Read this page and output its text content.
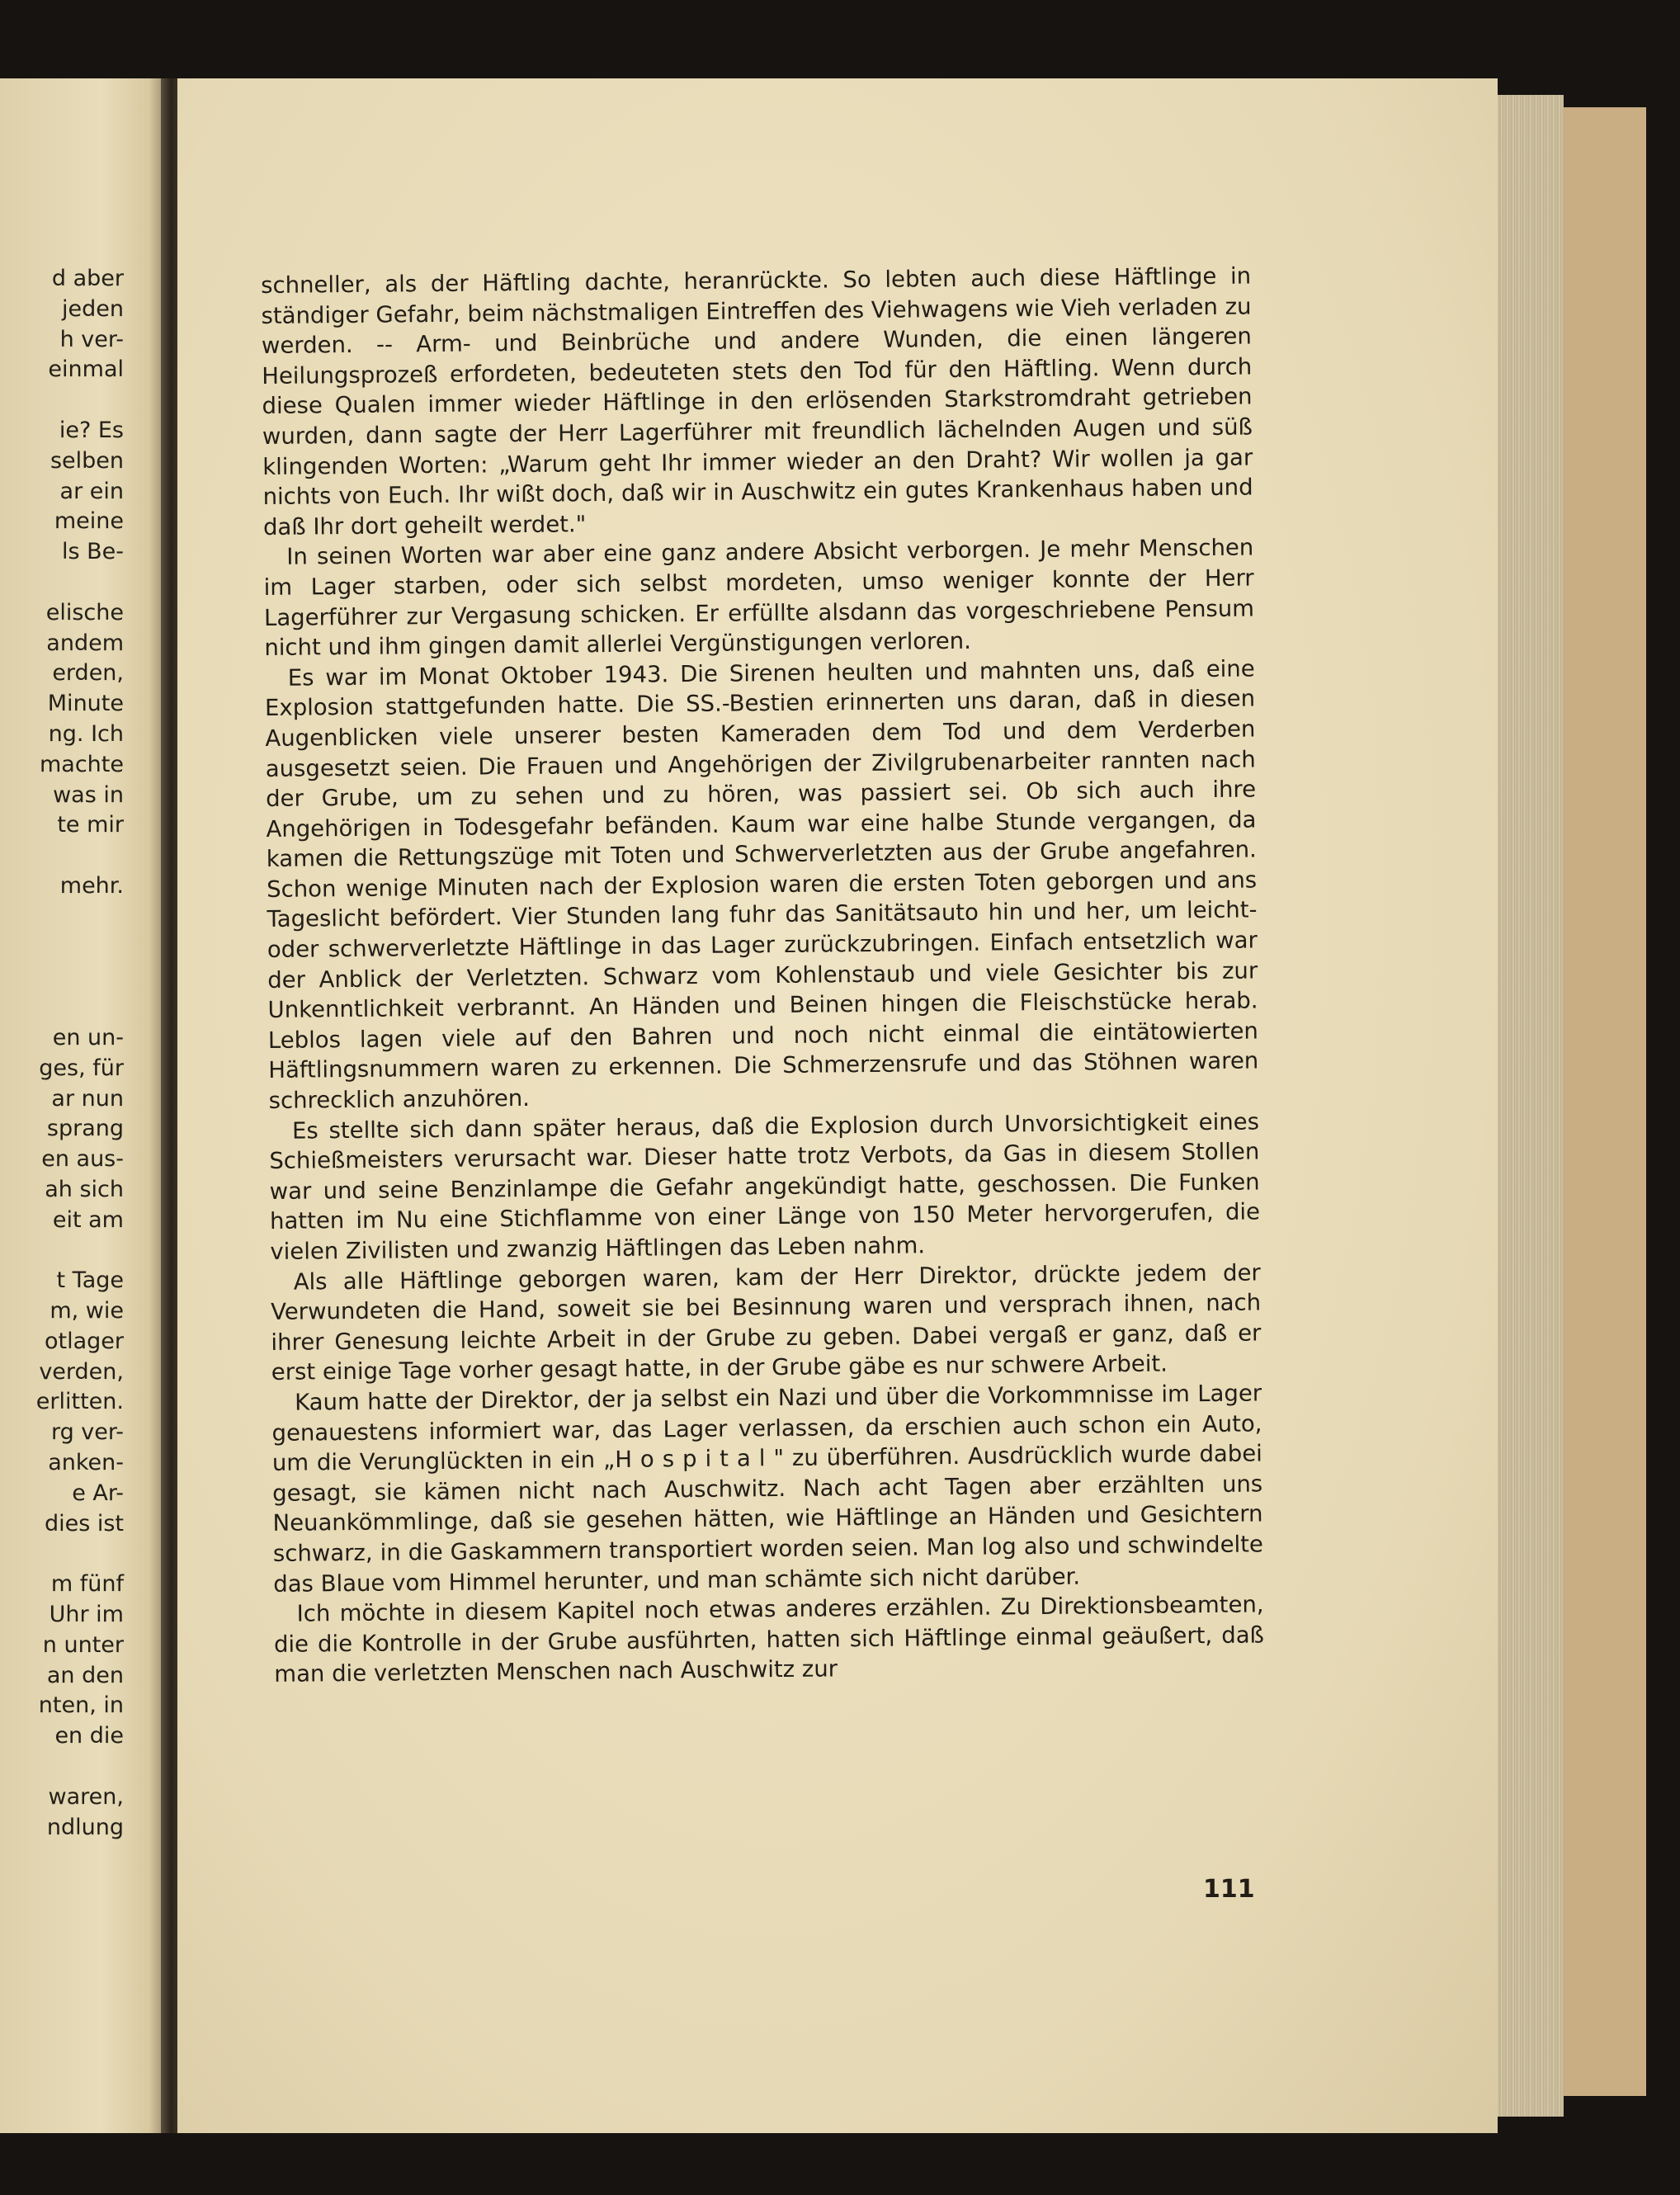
d aber
jeden
h ver-
einmal
ie? Es
selben
ar ein
meine
ls Be-
elische
andem
erden,
Minute
ng. Ich
machte
was in
te mir
mehr.
en un-
ges, für
ar nun
sprang
en aus-
ah sich
eit am
t Tage
m, wie
otlager
verden,
erlitten.
rg ver-
anken-
e Ar-
dies ist
m fünf
Uhr im
n unter
an den
nten, in
en die
waren,
ndlung

schneller, als der Häftling dachte, heranrückte. So lebten auch diese Häftlinge in ständiger Gefahr, beim nächstmaligen Eintreffen des Viehwagens wie Vieh verladen zu werden. -- Arm- und Beinbrüche und andere Wunden, die einen längeren Heilungsprozeß erfordeten, bedeuteten stets den Tod für den Häftling. Wenn durch diese Qualen immer wieder Häftlinge in den erlösenden Starkstromdraht getrieben wurden, dann sagte der Herr Lagerführer mit freundlich lächelnden Augen und süß klingenden Worten: „Warum geht Ihr immer wieder an den Draht? Wir wollen ja gar nichts von Euch. Ihr wißt doch, daß wir in Auschwitz ein gutes Krankenhaus haben und daß Ihr dort geheilt werdet."

In seinen Worten war aber eine ganz andere Absicht verborgen. Je mehr Menschen im Lager starben, oder sich selbst mordeten, umso weniger konnte der Herr Lagerführer zur Vergasung schicken. Er erfüllte alsdann das vorgeschriebene Pensum nicht und ihm gingen damit allerlei Vergünstigungen verloren.

Es war im Monat Oktober 1943. Die Sirenen heulten und mahnten uns, daß eine Explosion stattgefunden hatte. Die SS.-Bestien erinnerten uns daran, daß in diesen Augenblicken viele unserer besten Kameraden dem Tod und dem Verderben ausgesetzt seien. Die Frauen und Angehörigen der Zivilgrubenarbeiter rannten nach der Grube, um zu sehen und zu hören, was passiert sei. Ob sich auch ihre Angehörigen in Todesgefahr befänden. Kaum war eine halbe Stunde vergangen, da kamen die Rettungszüge mit Toten und Schwerverletzten aus der Grube angefahren. Schon wenige Minuten nach der Explosion waren die ersten Toten geborgen und ans Tageslicht befördert. Vier Stunden lang fuhr das Sanitätsauto hin und her, um leicht- oder schwerverletzte Häftlinge in das Lager zurückzubringen. Einfach entsetzlich war der Anblick der Verletzten. Schwarz vom Kohlenstaub und viele Gesichter bis zur Unkenntlichkeit verbrannt. An Händen und Beinen hingen die Fleischstücke herab. Leblos lagen viele auf den Bahren und noch nicht einmal die eintätowierten Häftlingsnummern waren zu erkennen. Die Schmerzensrufe und das Stöhnen waren schrecklich anzuhören.

Es stellte sich dann später heraus, daß die Explosion durch Unvorsichtigkeit eines Schießmeisters verursacht war. Dieser hatte trotz Verbots, da Gas in diesem Stollen war und seine Benzinlampe die Gefahr angekündigt hatte, geschossen. Die Funken hatten im Nu eine Stichflamme von einer Länge von 150 Meter hervorgerufen, die vielen Zivilisten und zwanzig Häftlingen das Leben nahm.

Als alle Häftlinge geborgen waren, kam der Herr Direktor, drückte jedem der Verwundeten die Hand, soweit sie bei Besinnung waren und versprach ihnen, nach ihrer Genesung leichte Arbeit in der Grube zu geben. Dabei vergaß er ganz, daß er erst einige Tage vorher gesagt hatte, in der Grube gäbe es nur schwere Arbeit.

Kaum hatte der Direktor, der ja selbst ein Nazi und über die Vorkommnisse im Lager genauestens informiert war, das Lager verlassen, da erschien auch schon ein Auto, um die Verunglückten in ein „Hospital" zu überführen. Ausdrücklich wurde dabei gesagt, sie kämen nicht nach Auschwitz. Nach acht Tagen aber erzählten uns Neuankömmlinge, daß sie gesehen hätten, wie Häftlinge an Händen und Gesichtern schwarz, in die Gaskammern transportiert worden seien. Man log also und schwindelte das Blaue vom Himmel herunter, und man schämte sich nicht darüber.

Ich möchte in diesem Kapitel noch etwas anderes erzählen. Zu Direktionsbeamten, die die Kontrolle in der Grube ausführten, hatten sich Häftlinge einmal geäußert, daß man die verletzten Menschen nach Auschwitz zur

111
